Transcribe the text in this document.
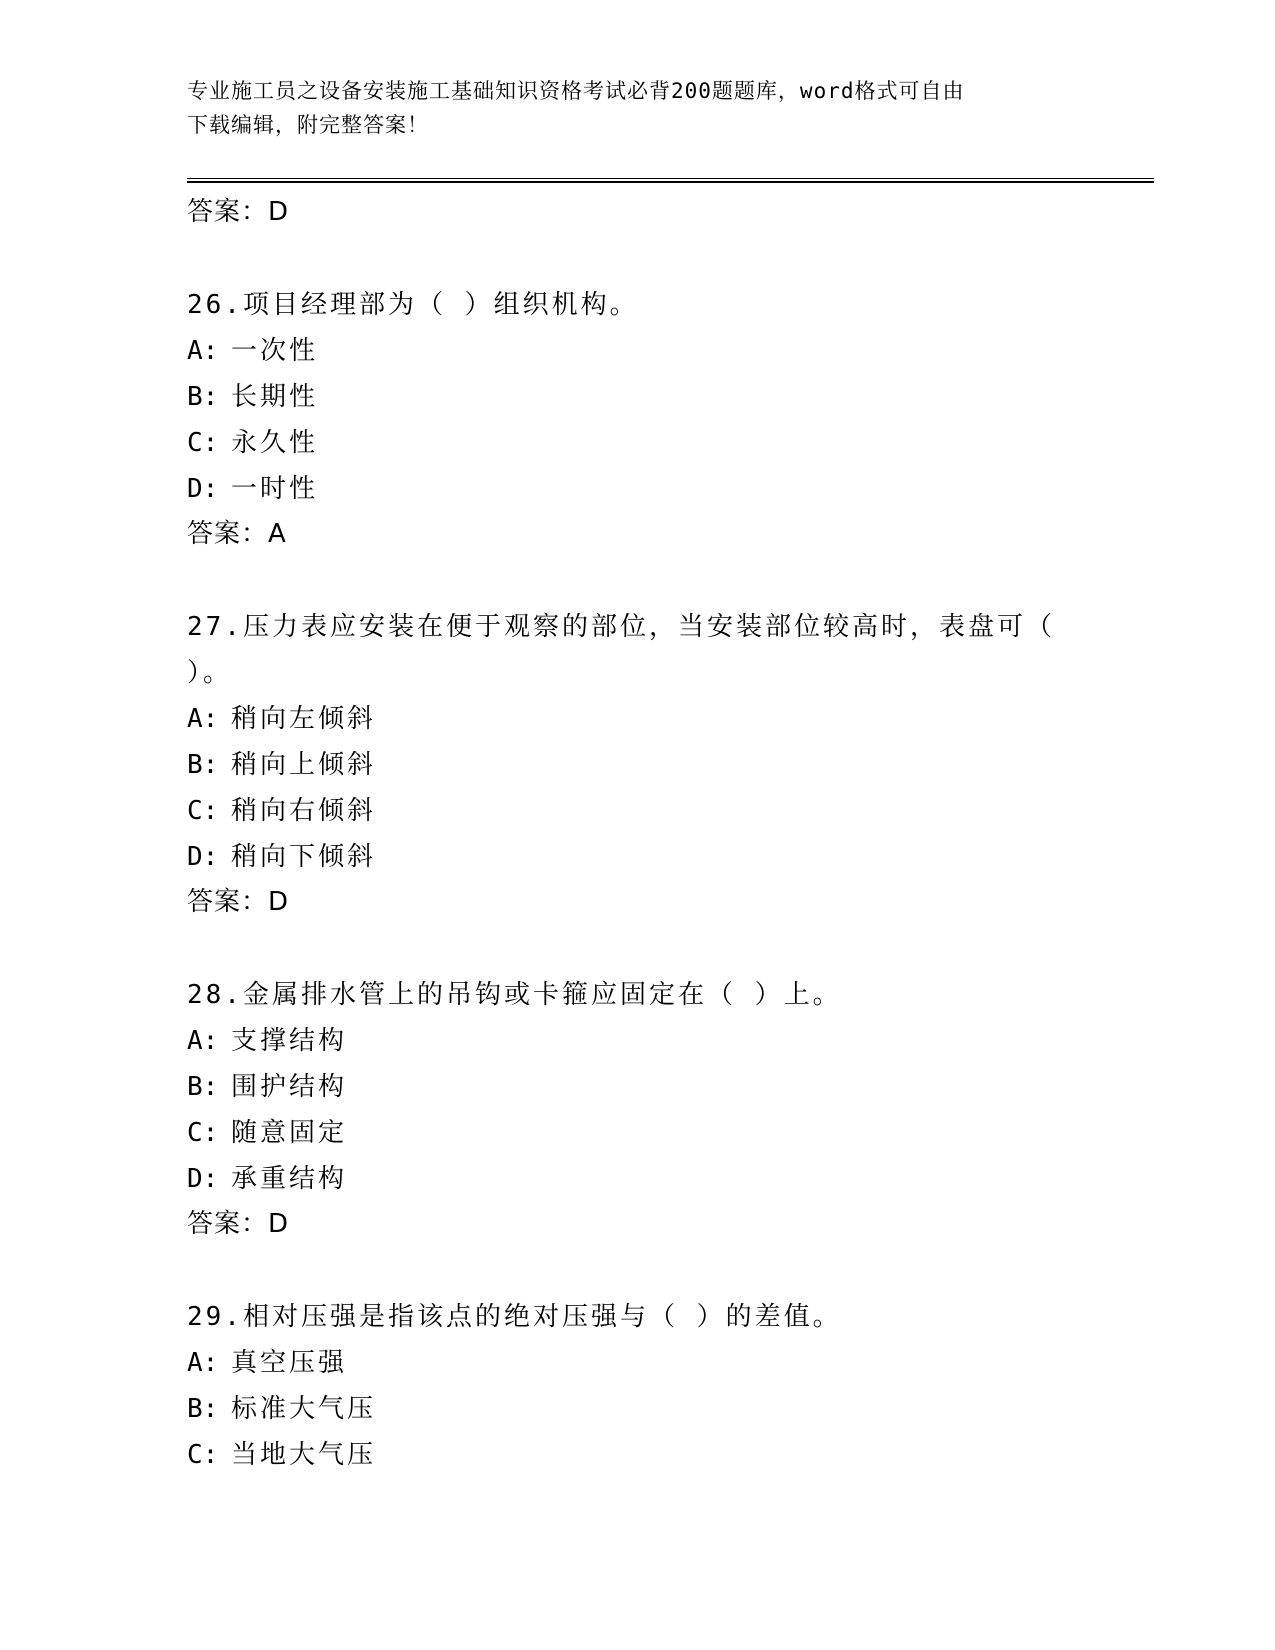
专业施工员之设备安装施工基础知识资格考试必背200题题库，word格式可自由
下载编辑，附完整答案！
答案：D
26.项目经理部为（ ）组织机构。
A: 一次性
B: 长期性
C: 永久性
D: 一时性
答案：A
27.压力表应安装在便于观察的部位，当安装部位较高时，表盘可（
）。
A: 稍向左倾斜
B: 稍向上倾斜
C: 稍向右倾斜
D: 稍向下倾斜
答案：D
28.金属排水管上的吊钩或卡箍应固定在（ ）上。
A: 支撑结构
B: 围护结构
C: 随意固定
D: 承重结构
答案：D
29.相对压强是指该点的绝对压强与（ ）的差值。
A: 真空压强
B: 标准大气压
C: 当地大气压
